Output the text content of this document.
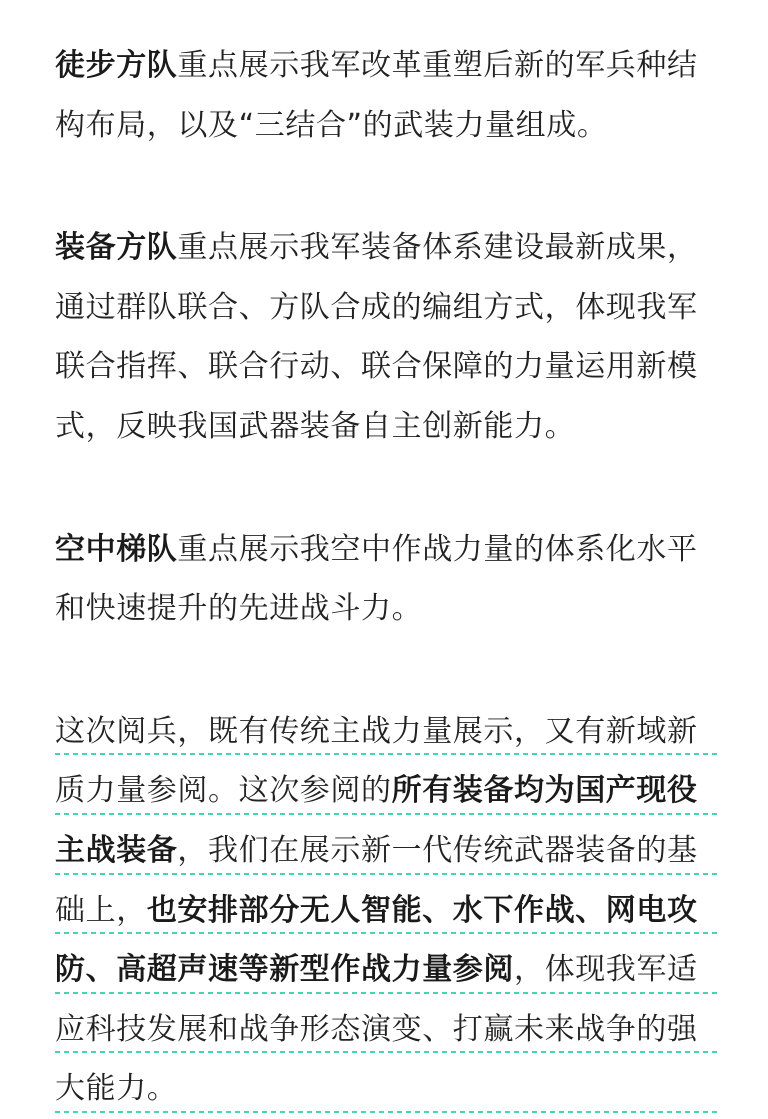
徒步方队重点展示我军改革重塑后新的军兵种结构布局，以及“三结合”的武装力量组成。

装备方队重点展示我军装备体系建设最新成果，通过群队联合、方队合成的编组方式，体现我军联合指挥、联合行动、联合保障的力量运用新模式，反映我国武器装备自主创新能力。

空中梯队重点展示我空中作战力量的体系化水平和快速提升的先进战斗力。

这次阅兵，既有传统主战力量展示，又有新域新质力量参阅。这次参阅的所有装备均为国产现役主战装备，我们在展示新一代传统武器装备的基础上，也安排部分无人智能、水下作战、网电攻防、高超声速等新型作战力量参阅，体现我军适应科技发展和战争形态演变、打赢未来战争的强大能力。
